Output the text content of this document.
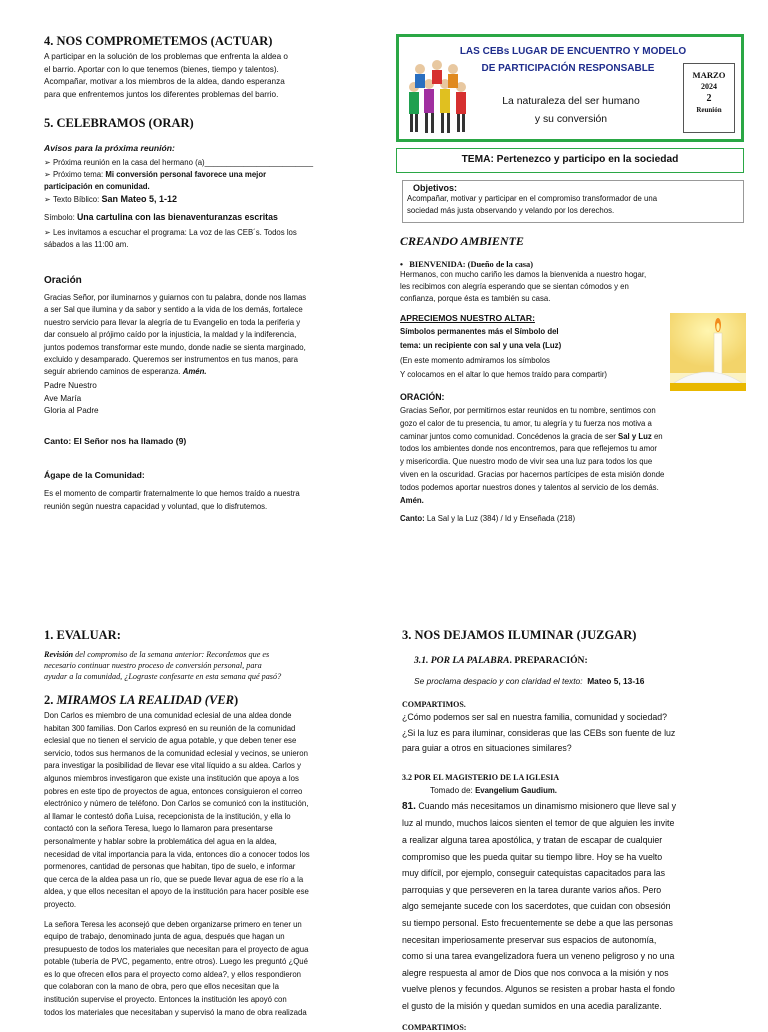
4. NOS COMPROMETEMOS (ACTUAR)
A participar en la solución de los problemas que enfrenta la aldea o
el barrio. Aportar con lo que tenemos (bienes, tiempo y talentos).
Acompañar, motivar a los miembros de la aldea, dando esperanza
para que enfrentemos juntos los diferentes problemas del barrio.
5. CELEBRAMOS (ORAR)
Avisos para la próxima reunión:
➢ Próxima reunión en la casa del hermano (a)_________________________
➢ Próximo tema: Mi conversión personal favorece una mejor
participación en comunidad.
➢ Texto Bíblico: San Mateo 5, 1-12
Símbolo: Una cartulina con las bienaventuranzas escritas
➢ Les invitamos a escuchar el programa: La voz de las CEB´s. Todos los
sábados a las 11:00 am.
Oración
Gracias Señor, por iluminarnos y guiarnos con tu palabra, donde nos llamas
a ser Sal que ilumina y da sabor y sentido a la vida de los demás, fortalece
nuestro servicio para llevar la alegría de tu Evangelio en toda la periferia y
dar consuelo al prójimo caído por la injusticia, la maldad y la indiferencia,
juntos podemos transformar este mundo, donde nadie se sienta marginado,
excluido y desamparado. Queremos ser instrumentos en tus manos, para
seguir abriendo caminos de esperanza. Amén.
Padre Nuestro
Ave María
Gloria al Padre
Canto: El Señor nos ha llamado (9)
Ágape de la Comunidad:
Es el momento de compartir fraternalmente lo que hemos traído a nuestra
reunión según nuestra capacidad y voluntad, que lo disfrutemos.
LAS CEBs LUGAR DE ENCUENTRO Y MODELO
DE PARTICIPACIÓN RESPONSABLE
La naturaleza del ser humano
y su conversión
MARZO
2024
2
Reunión
TEMA: Pertenezco y participo en la sociedad
Objetivos:
Acompañar, motivar y participar en el compromiso transformador de una
sociedad más justa observando y velando por los derechos.
CREANDO AMBIENTE
• BIENVENIDA: (Dueño de la casa)
Hermanos, con mucho cariño les damos la bienvenida a nuestro hogar,
les recibimos con alegría esperando que se sientan cómodos y en
confianza, porque ésta es también su casa.
APRECIEMOS NUESTRO ALTAR:
Símbolos permanentes más el Símbolo del
tema: un recipiente con sal y una vela (Luz)
(En este momento admiramos los símbolos
Y colocamos en el altar lo que hemos traído para compartir)
ORACIÓN:
Gracias Señor, por permitirnos estar reunidos en tu nombre, sentimos con
gozo el calor de tu presencia, tu amor, tu alegría y tu fuerza nos motiva a
caminar juntos como comunidad. Concédenos la gracia de ser Sal y Luz en
todos los ambientes donde nos encontremos, para que reflejemos tu amor
y misericordia. Que nuestro modo de vivir sea una luz para todos los que
viven en la oscuridad. Gracias por hacernos partícipes de esta misión donde
todos podemos aportar nuestros dones y talentos al servicio de los demás.
Amén.
Canto: La Sal y la Luz (384) / Id y Enseñada (218)
1. EVALUAR:
Revisión del compromiso de la semana anterior: Recordemos que es
necesario continuar nuestro proceso de conversión personal, para
ayudar a la comunidad, ¿Lograste confesarte en esta semana qué pasó?
2. MIRAMOS LA REALIDAD (VER)
Don Carlos es miembro de una comunidad eclesial de una aldea donde
habitan 300 familias. Don Carlos expresó en su reunión de la comunidad
eclesial que no tienen el servicio de agua potable, y que deben tener ese
servicio, todos sus hermanos de la comunidad eclesial y vecinos, se unieron
para investigar la posibilidad de llevar ese vital líquido a su aldea. Carlos y
algunos miembros investigaron que existe una institución que apoya a los
pobres en este tipo de proyectos de agua, entonces consiguieron el correo
electrónico y número de teléfono. Don Carlos se comunicó con la institución,
al llamar le contestó doña Luisa, recepcionista de la institución, y ella lo
contactó con la señora Teresa, luego lo llamaron para presentarse
personalmente y hablar sobre la problemática del agua en la aldea,
necesidad de vital importancia para la vida, entonces dio a conocer todos los
pormenores, cantidad de personas que habitan, tipo de suelo, e informar
que cerca de la aldea pasa un río, que se puede llevar agua de ese río a la
aldea, y que ellos necesitan el apoyo de la institución para hacer posible ese
proyecto.
La señora Teresa les aconsejó que deben organizarse primero en tener un
equipo de trabajo, denominado junta de agua, después que hagan un
presupuesto de todos los materiales que necesitan para el proyecto de agua
potable (tubería de PVC, pegamento, entre otros). Luego les preguntó ¿Qué
es lo que ofrecen ellos para el proyecto como aldea?, y ellos respondieron
que colaboran con la mano de obra, pero que ellos necesitan que la
institución supervise el proyecto. Entonces la institución les apoyó con
todos los materiales que necesitaban y supervisó la mano de obra realizada
3. NOS DEJAMOS ILUMINAR (JUZGAR)
3.1. POR LA PALABRA. PREPARACIÓN:
Se proclama despacio y con claridad el texto: Mateo 5, 13-16
COMPARTIMOS.
¿Cómo podemos ser sal en nuestra familia, comunidad y sociedad?
¿Si la luz es para iluminar, consideras que las CEBs son fuente de luz
para guiar a otros en situaciones similares?
3.2 POR EL MAGISTERIO DE LA IGLESIA
Tomado de: Evangelium Gaudium.
81. Cuando más necesitamos un dinamismo misionero que lleve sal y
luz al mundo, muchos laicos sienten el temor de que alguien les invite
a realizar alguna tarea apostólica, y tratan de escapar de cualquier
compromiso que les pueda quitar su tiempo libre. Hoy se ha vuelto
muy difícil, por ejemplo, conseguir catequistas capacitados para las
parroquias y que perseveren en la tarea durante varios años. Pero
algo semejante sucede con los sacerdotes, que cuidan con obsesión
su tiempo personal. Esto frecuentemente se debe a que las personas
necesitan imperiosamente preservar sus espacios de autonomía,
como si una tarea evangelizadora fuera un veneno peligroso y no una
alegre respuesta al amor de Dios que nos convoca a la misión y nos
vuelve plenos y fecundos. Algunos se resisten a probar hasta el fondo
el gusto de la misión y quedan sumidos en una acedia paralizante.
COMPARTIMOS:
